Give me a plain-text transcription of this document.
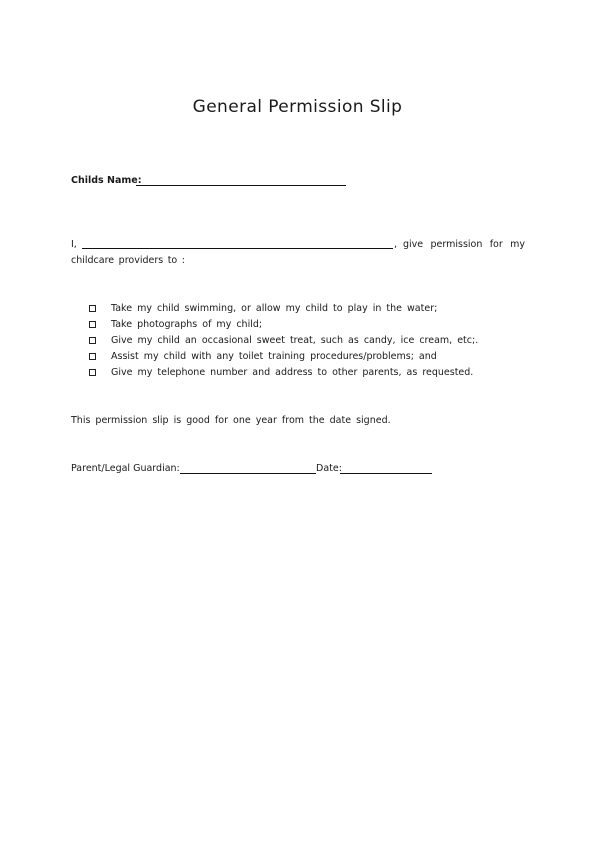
General Permission Slip
Childs Name:
I,	, give permission for my
childcare providers to :
Take my child swimming, or allow my child to play in the water;
Take photographs of my child;
Give my child an occasional sweet treat, such as candy, ice cream, etc;.
Assist my child with any toilet training procedures/problems; and
Give my telephone number and address to other parents, as requested.
This permission slip is good for one year from the date signed.
Parent/Legal Guardian:	Date:
